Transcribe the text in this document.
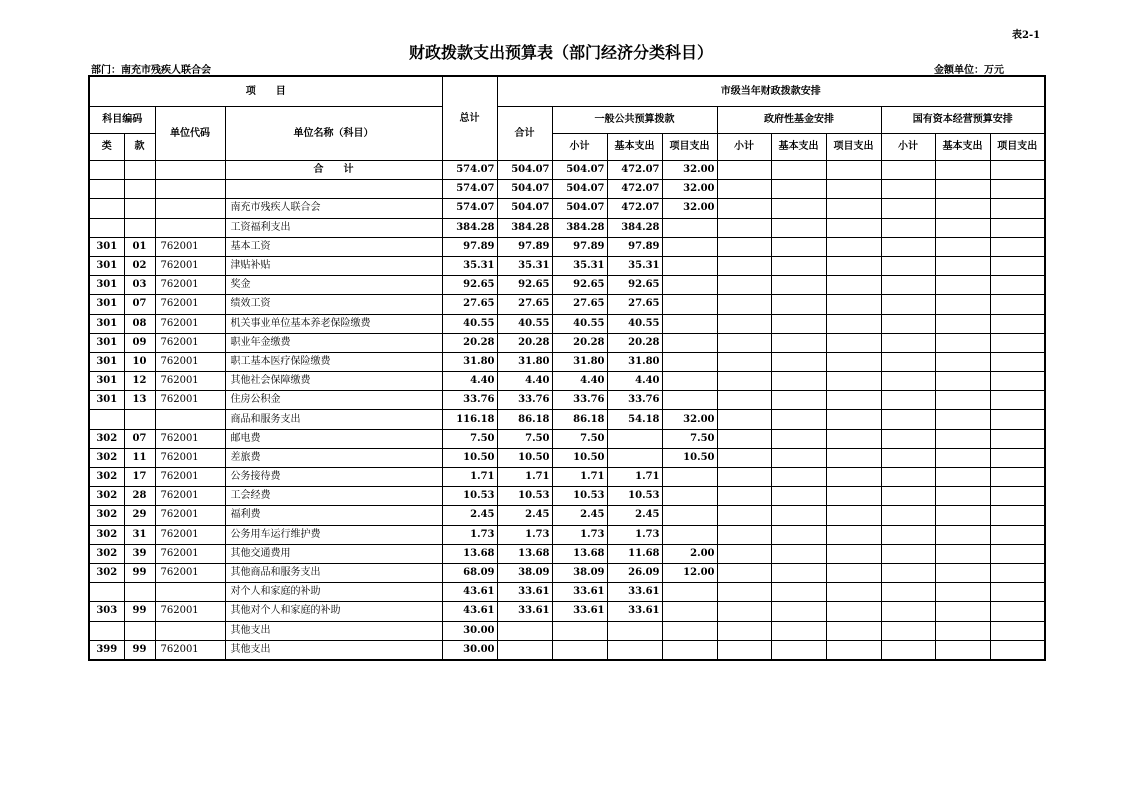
表2-1
财政拨款支出预算表（部门经济分类科目）
部门：南充市残疾人联合会	金额单位：万元
项　　目				总计	市级当年财政拨款安排									
科目编码		单位代码	单位名称（科目）		合计	一般公共预算拨款			政府性基金安排			国有资本经营预算安排		
类	款					小计	基本支出	项目支出	小计	基本支出	项目支出	小计	基本支出	项目支出
			合　　计	574.07	504.07	504.07	472.07	32.00						
				574.07	504.07	504.07	472.07	32.00						
			南充市残疾人联合会	574.07	504.07	504.07	472.07	32.00						
			工资福利支出	384.28	384.28	384.28	384.28							
301	01	762001	基本工资	97.89	97.89	97.89	97.89							
301	02	762001	津贴补贴	35.31	35.31	35.31	35.31							
301	03	762001	奖金	92.65	92.65	92.65	92.65							
301	07	762001	绩效工资	27.65	27.65	27.65	27.65							
301	08	762001	机关事业单位基本养老保险缴费	40.55	40.55	40.55	40.55							
301	09	762001	职业年金缴费	20.28	20.28	20.28	20.28							
301	10	762001	职工基本医疗保险缴费	31.80	31.80	31.80	31.80							
301	12	762001	其他社会保障缴费	4.40	4.40	4.40	4.40							
301	13	762001	住房公积金	33.76	33.76	33.76	33.76							
			商品和服务支出	116.18	86.18	86.18	54.18	32.00						
302	07	762001	邮电费	7.50	7.50	7.50		7.50						
302	11	762001	差旅费	10.50	10.50	10.50		10.50						
302	17	762001	公务接待费	1.71	1.71	1.71	1.71							
302	28	762001	工会经费	10.53	10.53	10.53	10.53							
302	29	762001	福利费	2.45	2.45	2.45	2.45							
302	31	762001	公务用车运行维护费	1.73	1.73	1.73	1.73							
302	39	762001	其他交通费用	13.68	13.68	13.68	11.68	2.00						
302	99	762001	其他商品和服务支出	68.09	38.09	38.09	26.09	12.00						
			对个人和家庭的补助	43.61	33.61	33.61	33.61							
303	99	762001	其他对个人和家庭的补助	43.61	33.61	33.61	33.61							
			其他支出	30.00										
399	99	762001	其他支出	30.00										
